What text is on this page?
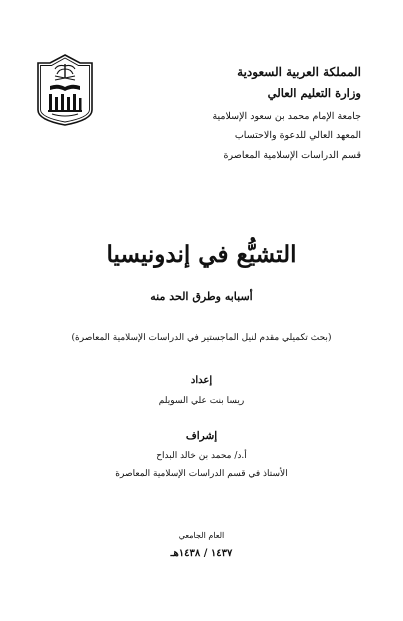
المملكة العربية السعودية
وزارة التعليم العالي
جامعة الإمام محمد بن سعود الإسلامية
المعهد العالي للدعوة والاحتساب
قسم الدراسات الإسلامية المعاصرة
التشيُّع في إندونيسيا
أسبابه وطرق الحد منه
(بحث تكميلي مقدم لنيل الماجستير في الدراسات الإسلامية المعاصرة)
إعداد
ريسا بنت علي السويلم
إشراف
أ.د/ محمد بن خالد البداح
الأستاذ في قسم الدراسات الإسلامية المعاصرة
العام الجامعي
١٤٣٧ / ١٤٣٨هـ
